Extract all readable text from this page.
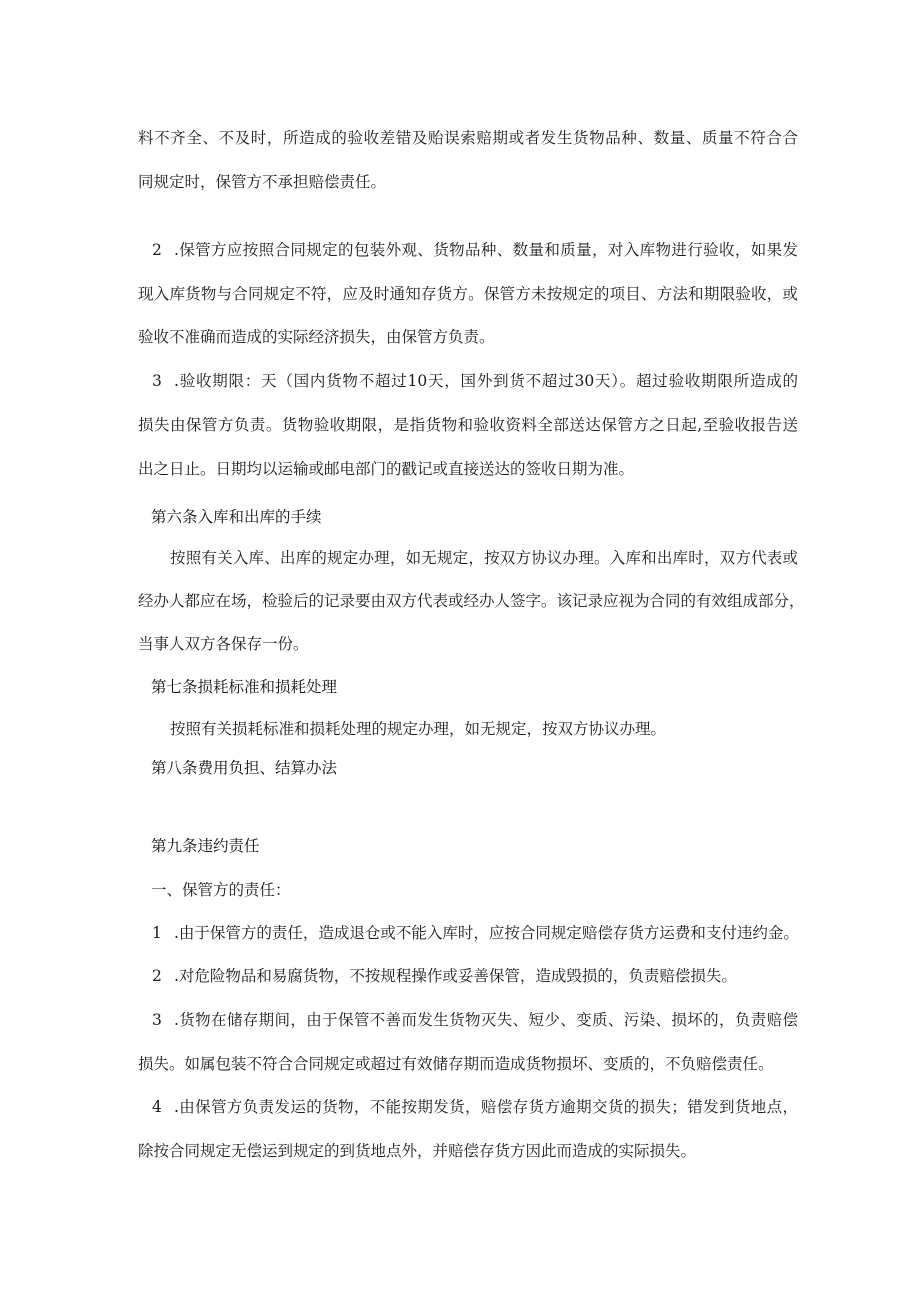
料不齐全、不及时，所造成的验收差错及贻误索赔期或者发生货物品种、数量、质量不符合合
同规定时，保管方不承担赔偿责任。
2 .保管方应按照合同规定的包装外观、货物品种、数量和质量，对入库物进行验收，如果发
现入库货物与合同规定不符，应及时通知存货方。保管方未按规定的项目、方法和期限验收，或
验收不准确而造成的实际经济损失，由保管方负责。
3 .验收期限：天（国内货物不超过10天，国外到货不超过30天）。超过验收期限所造成的
损失由保管方负责。货物验收期限，是指货物和验收资料全部送达保管方之日起,至验收报告送
出之日止。日期均以运输或邮电部门的戳记或直接送达的签收日期为准。
第六条入库和出库的手续
按照有关入库、出库的规定办理，如无规定，按双方协议办理。入库和出库时，双方代表或
经办人都应在场，检验后的记录要由双方代表或经办人签字。该记录应视为合同的有效组成部分，
当事人双方各保存一份。
第七条损耗标准和损耗处理
按照有关损耗标准和损耗处理的规定办理，如无规定，按双方协议办理。
第八条费用负担、结算办法
第九条违约责任
一、保管方的责任：
1 .由于保管方的责任，造成退仓或不能入库时，应按合同规定赔偿存货方运费和支付违约金。
2 .对危险物品和易腐货物，不按规程操作或妥善保管，造成毁损的，负责赔偿损失。
3 .货物在储存期间，由于保管不善而发生货物灭失、短少、变质、污染、损坏的，负责赔偿
损失。如属包装不符合合同规定或超过有效储存期而造成货物损坏、变质的，不负赔偿责任。
4 .由保管方负责发运的货物，不能按期发货，赔偿存货方逾期交货的损失；错发到货地点，
除按合同规定无偿运到规定的到货地点外，并赔偿存货方因此而造成的实际损失。
